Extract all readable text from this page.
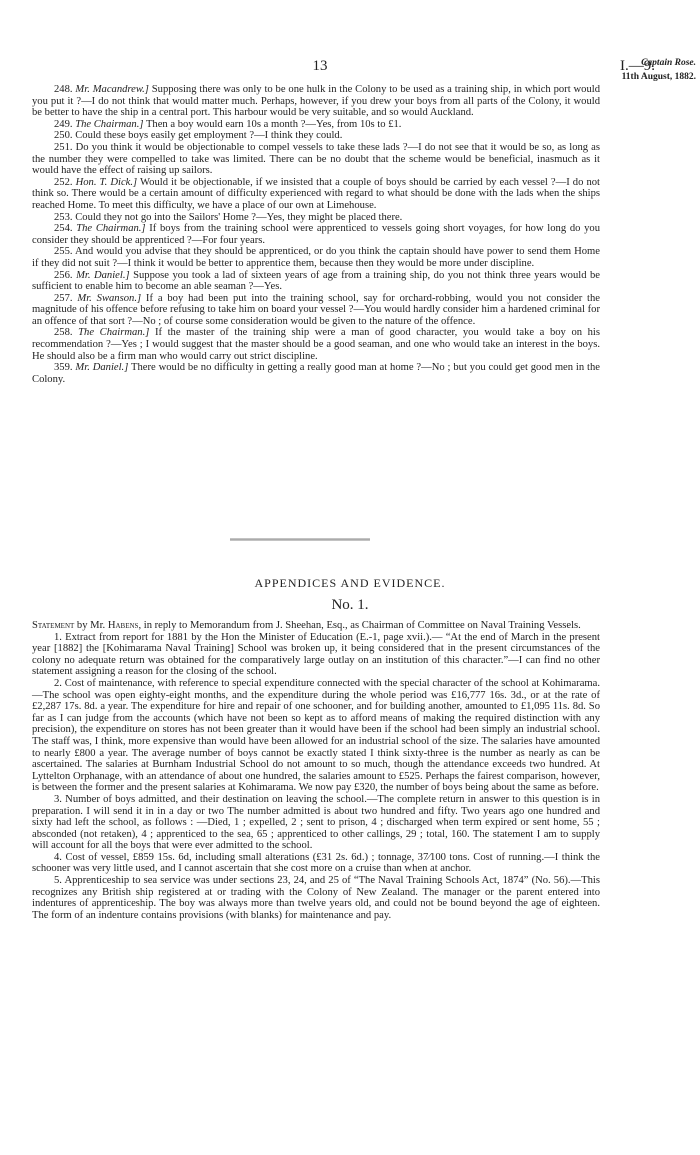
13	I.—9.
Captain Rose.
11th August, 1882.

248. Mr. Macandrew.] Supposing there was only to be one hulk in the Colony to be used as a training ship, in which port would you put it ?—I do not think that would matter much. Perhaps, however, if you drew your boys from all parts of the Colony, it would be better to have the ship in a central port. This harbour would be very suitable, and so would Auckland.

249. The Chairman.] Then a boy would earn 10s a month ?—Yes, from 10s to £1.

250. Could these boys easily get employment ?—I think they could.

251. Do you think it would be objectionable to compel vessels to take these lads ?—I do not see that it would be so, as long as the number they were compelled to take was limited. There can be no doubt that the scheme would be beneficial, inasmuch as it would have the effect of raising up sailors.

252. Hon. T. Dick.] Would it be objectionable, if we insisted that a couple of boys should be carried by each vessel ?—I do not think so. There would be a certain amount of difficulty experienced with regard to what should be done with the lads when the ships reached Home. To meet this difficulty, we have a place of our own at Limehouse.

253. Could they not go into the Sailors' Home ?—Yes, they might be placed there.

254. The Chairman.] If boys from the training school were apprenticed to vessels going short voyages, for how long do you consider they should be apprenticed ?—For four years.

255. And would you advise that they should be apprenticed, or do you think the captain should have power to send them Home if they did not suit ?—I think it would be better to apprentice them, because then they would be more under discipline.

256. Mr. Daniel.] Suppose you took a lad of sixteen years of age from a training ship, do you not think three years would be sufficient to enable him to become an able seaman ?—Yes.

257. Mr. Swanson.] If a boy had been put into the training school, say for orchard-robbing, would you not consider the magnitude of his offence before refusing to take him on board your vessel ?—You would hardly consider him a hardened criminal for an offence of that sort ?—No ; of course some consideration would be given to the nature of the offence.

258. The Chairman.] If the master of the training ship were a man of good character, you would take a boy on his recommendation ?—Yes ; I would suggest that the master should be a good seaman, and one who would take an interest in the boys. He should also be a firm man who would carry out strict discipline.

359. Mr. Daniel.] There would be no difficulty in getting a really good man at home ?—No ; but you could get good men in the Colony.

APPENDICES AND EVIDENCE.
No. 1.

Statement by Mr. Habens, in reply to Memorandum from J. Sheehan, Esq., as Chairman of Committee on Naval Training Vessels.

1. Extract from report for 1881 by the Hon the Minister of Education (E.-1, page xvii.).— “At the end of March in the present year [1882] the [Kohimarama Naval Training] School was broken up, it being considered that in the present circumstances of the colony no adequate return was obtained for the comparatively large outlay on an institution of this character.”—I can find no other statement assigning a reason for the closing of the school.

2. Cost of maintenance, with reference to special expenditure connected with the special character of the school at Kohimarama.—The school was open eighty-eight months, and the expenditure during the whole period was £16,777 16s. 3d., or at the rate of £2,287 17s. 8d. a year. The expenditure for hire and repair of one schooner, and for building another, amounted to £1,095 11s. 8d. So far as I can judge from the accounts (which have not been so kept as to afford means of making the required distinction with any precision), the expenditure on stores has not been greater than it would have been if the school had been simply an industrial school. The staff was, I think, more expensive than would have been allowed for an industrial school of the size. The salaries have amounted to nearly £800 a year. The average number of boys cannot be exactly stated I think sixty-three is the number as nearly as can be ascertained. The salaries at Burnham Industrial School do not amount to so much, though the attendance exceeds two hundred. At Lyttelton Orphanage, with an attendance of about one hundred, the salaries amount to £525. Perhaps the fairest comparison, however, is between the former and the present salaries at Kohimarama. We now pay £320, the number of boys being about the same as before.

3. Number of boys admitted, and their destination on leaving the school.—The complete return in answer to this question is in preparation. I will send it in in a day or two The number admitted is about two hundred and fifty. Two years ago one hundred and sixty had left the school, as follows : —Died, 1 ; expelled, 2 ; sent to prison, 4 ; discharged when term expired or sent home, 55 ; absconded (not retaken), 4 ; apprenticed to the sea, 65 ; apprenticed to other callings, 29 ; total, 160. The statement I am to supply will account for all the boys that were ever admitted to the school.

4. Cost of vessel, £859 15s. 6d, including small alterations (£31 2s. 6d.) ; tonnage, 37⁄100 tons. Cost of running.—I think the schooner was very little used, and I cannot ascertain that she cost more on a cruise than when at anchor.

5. Apprenticeship to sea service was under sections 23, 24, and 25 of “The Naval Training Schools Act, 1874” (No. 56).—This recognizes any British ship registered at or trading with the Colony of New Zealand. The manager or the parent entered into indentures of apprenticeship. The boy was always more than twelve years old, and could not be bound beyond the age of eighteen. The form of an indenture contains provisions (with blanks) for maintenance and pay.
